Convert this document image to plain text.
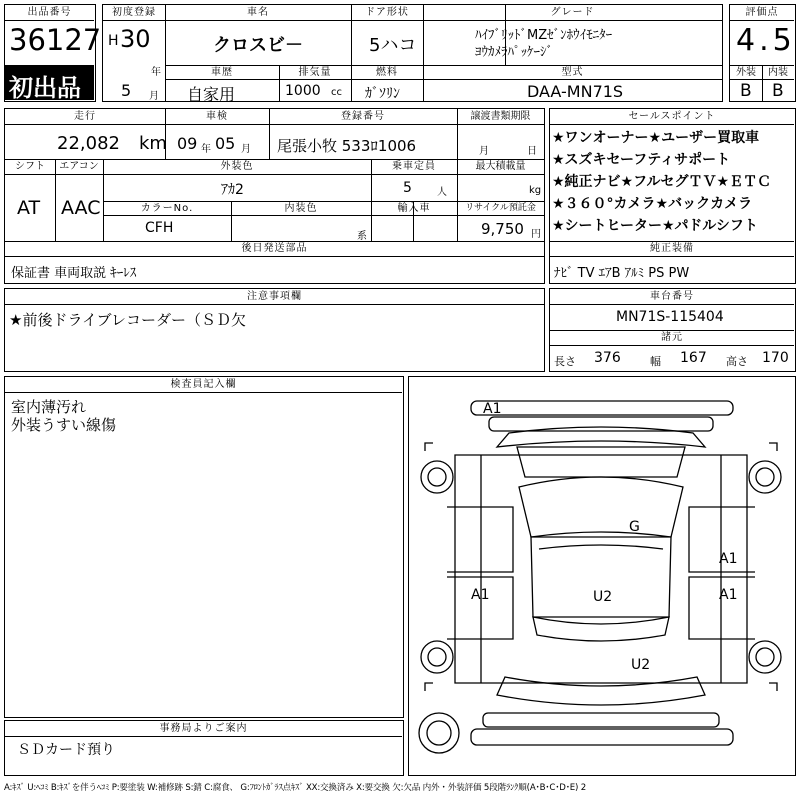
出品番号
36127
初出品
初度登録
H 30
年
5 月
車名
クロスビ－
ドア形状
5ハコ
グレード
ﾊｲﾌﾞﾘｯﾄﾞMZｾﾞﾝﾎｳｲﾓﾆﾀｰ
ﾖｳｶﾒﾗﾊﾟｯｹｰｼﾞ
車歴
自家用
排気量
1000 cc
燃料
ｶﾞｿﾘﾝ
型式
DAA-MN71S
評価点
4.5
外装	内装
B B
走行
22,082 km
車検
09 年 05 月
登録番号
尾張小牧 533ﾛ1006
譲渡書類期限
月	日
シフト
AT
エアコン
AAC
外装色
ｱｶ2
乗車定員
5	人
最大積載量
kg
カラーNo.
CFH
内装色
系
輸入車	リサイクル預託金
9,750 円
後日発送部品
保証書 車両取説 ｷｰﾚｽ
セールスポイント
★ワンオーナー★ユーザー買取車
★スズキセーフティサポート
★純正ナビ★フルセグＴＶ★ＥＴＣ
★３６０°カメラ★バックカメラ
★シートヒーター★パドルシフト
純正装備
ﾅﾋﾞ TV ｴｱB ｱﾙﾐ PS PW
注意事項欄
★前後ドライブレコーダー（ＳＤ欠
車台番号
MN71S-115404
諸元
長さ 376	幅 167 高さ 170
検査員記入欄
室内薄汚れ
外装うすい線傷
事務局よりご案内
ＳＤカード預り
A1
G
A1
A1	U2	A1
U2
A:ｷｽﾞ U:ﾍｺﾐ B:ｷｽﾞを伴うﾍｺﾐ P:要塗装 W:補修跡 S:錆 C:腐食、 G:ﾌﾛﾝﾄｶﾞﾗｽ点ｷｽﾞ XX:交換済み X:要交換 欠:欠品 内外・外装評価 5段階ﾗﾝｸ順(A･B･C･D･E) 2
